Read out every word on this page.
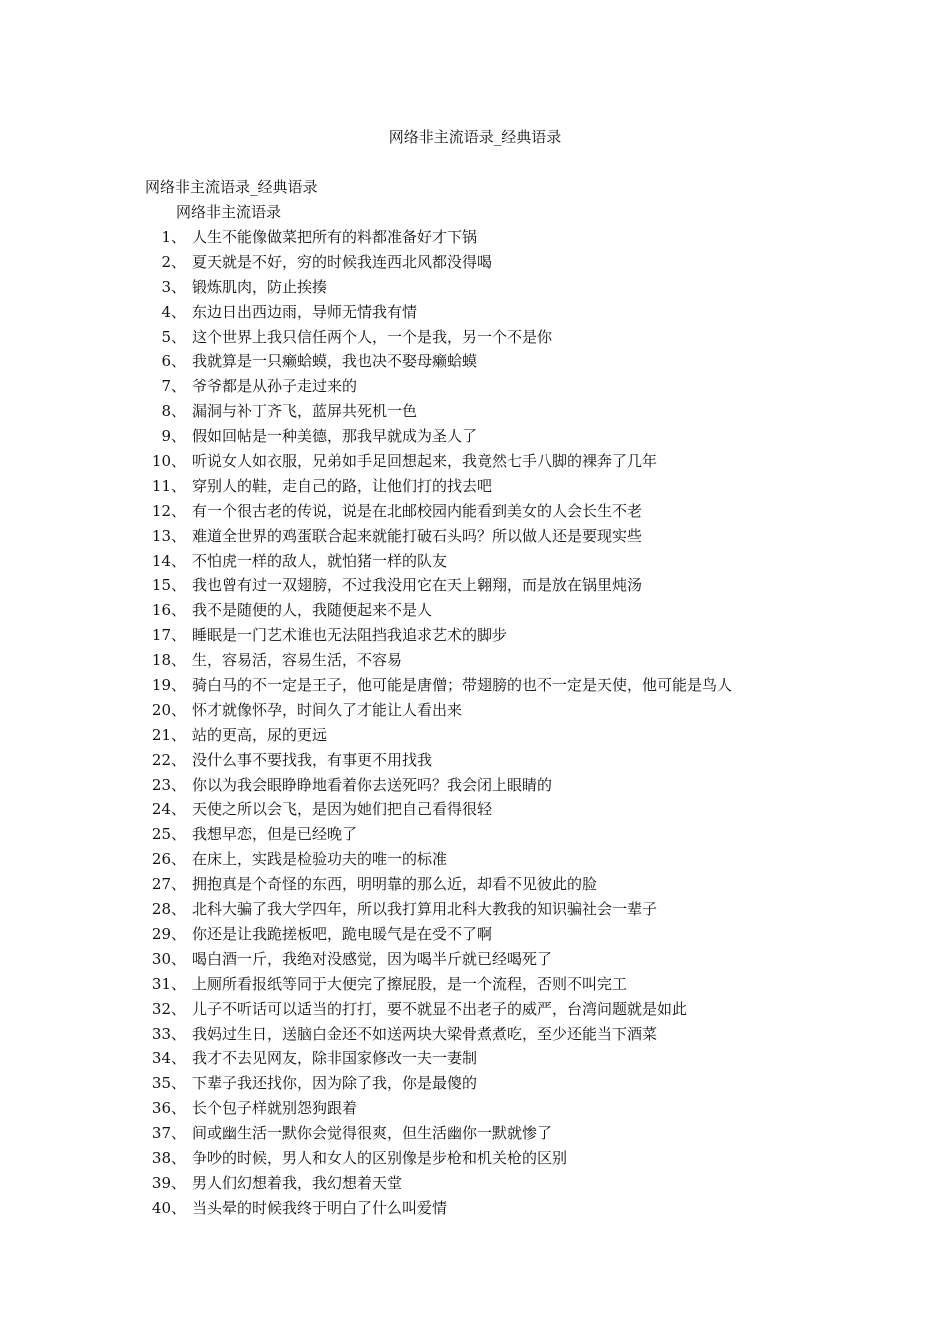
网络非主流语录_经典语录
网络非主流语录_经典语录
网络非主流语录
1、 人生不能像做菜把所有的料都准备好才下锅
2、 夏天就是不好，穷的时候我连西北风都没得喝
3、 锻炼肌肉，防止挨揍
4、 东边日出西边雨，导师无情我有情
5、 这个世界上我只信任两个人，一个是我，另一个不是你
6、 我就算是一只癞蛤蟆，我也决不娶母癞蛤蟆
7、 爷爷都是从孙子走过来的
8、 漏洞与补丁齐飞，蓝屏共死机一色
9、 假如回帖是一种美德，那我早就成为圣人了
10、 听说女人如衣服，兄弟如手足回想起来，我竟然七手八脚的裸奔了几年
11、 穿别人的鞋，走自己的路，让他们打的找去吧
12、 有一个很古老的传说，说是在北邮校园内能看到美女的人会长生不老
13、 难道全世界的鸡蛋联合起来就能打破石头吗？所以做人还是要现实些
14、 不怕虎一样的敌人，就怕猪一样的队友
15、 我也曾有过一双翅膀，不过我没用它在天上翱翔，而是放在锅里炖汤
16、 我不是随便的人，我随便起来不是人
17、 睡眠是一门艺术谁也无法阻挡我追求艺术的脚步
18、 生，容易活，容易生活，不容易
19、 骑白马的不一定是王子，他可能是唐僧；带翅膀的也不一定是天使，他可能是鸟人
20、 怀才就像怀孕，时间久了才能让人看出来
21、 站的更高，尿的更远
22、 没什么事不要找我，有事更不用找我
23、 你以为我会眼睁睁地看着你去送死吗？我会闭上眼睛的
24、 天使之所以会飞，是因为她们把自己看得很轻
25、 我想早恋，但是已经晚了
26、 在床上，实践是检验功夫的唯一的标准
27、 拥抱真是个奇怪的东西，明明靠的那么近，却看不见彼此的脸
28、 北科大骗了我大学四年，所以我打算用北科大教我的知识骗社会一辈子
29、 你还是让我跪搓板吧，跪电暖气是在受不了啊
30、 喝白酒一斤，我绝对没感觉，因为喝半斤就已经喝死了
31、 上厕所看报纸等同于大便完了擦屁股，是一个流程，否则不叫完工
32、 儿子不听话可以适当的打打，要不就显不出老子的威严，台湾问题就是如此
33、 我妈过生日，送脑白金还不如送两块大梁骨煮煮吃，至少还能当下酒菜
34、 我才不去见网友，除非国家修改一夫一妻制
35、 下辈子我还找你，因为除了我，你是最傻的
36、 长个包子样就别怨狗跟着
37、 间或幽生活一默你会觉得很爽，但生活幽你一默就惨了
38、 争吵的时候，男人和女人的区别像是步枪和机关枪的区别
39、 男人们幻想着我，我幻想着天堂
40、 当头晕的时候我终于明白了什么叫爱情
